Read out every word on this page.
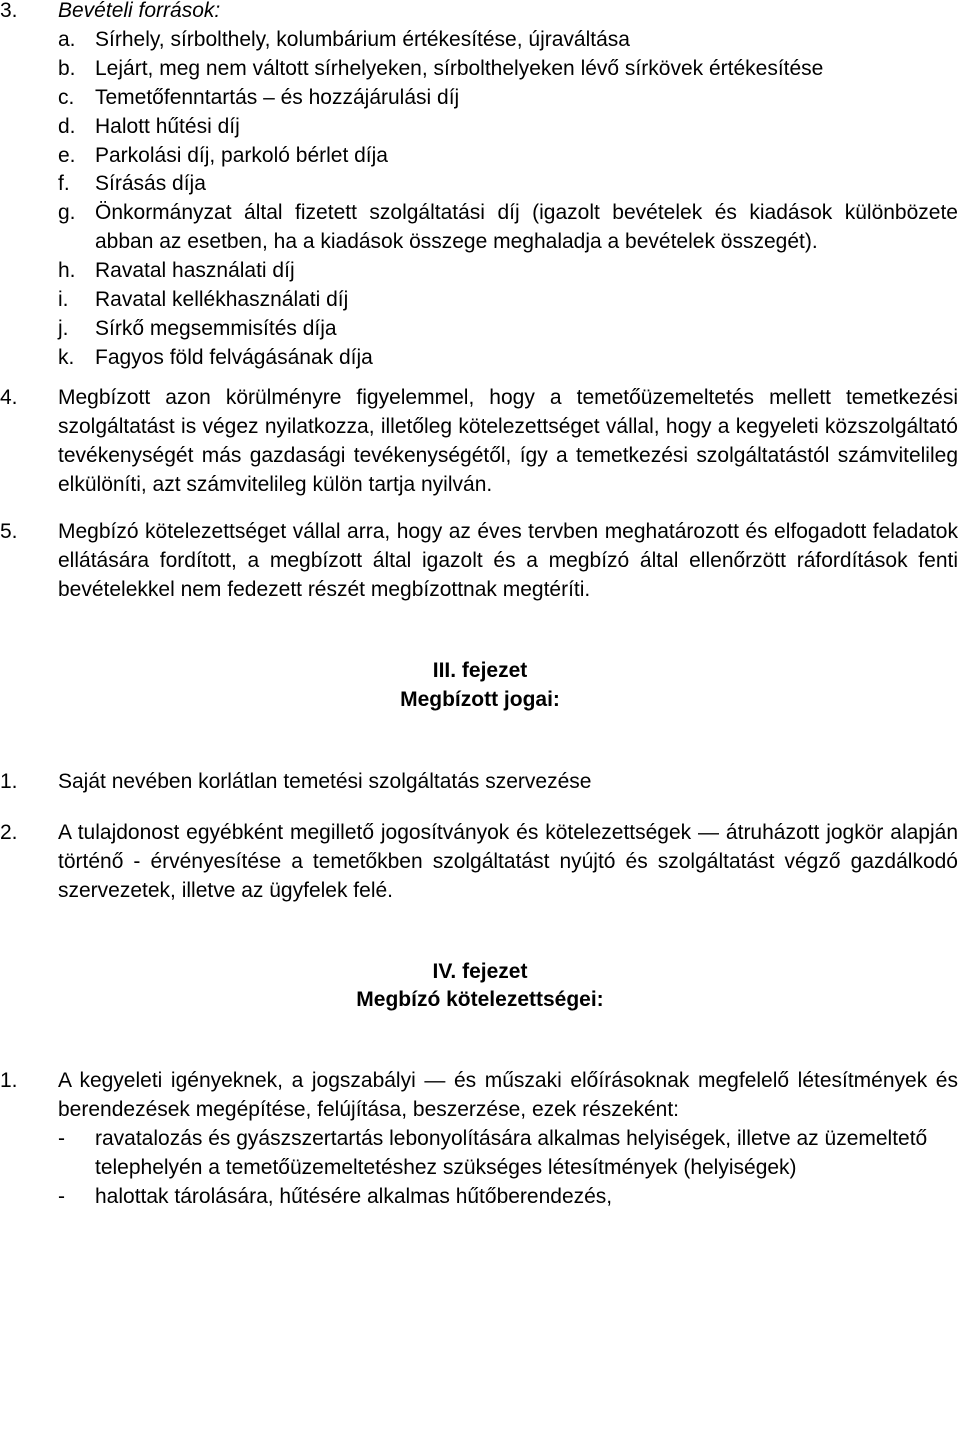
3.	Bevételi források:
a. Sírhely, sírbolthely, kolumbárium értékesítése, újraváltása
b. Lejárt, meg nem váltott sírhelyeken, sírbolthelyeken lévő sírkövek értékesítése
c. Temetőfenntartás – és hozzájárulási díj
d. Halott hűtési díj
e. Parkolási díj, parkoló bérlet díja
f.	Sírásás díja
g. Önkormányzat által fizetett szolgáltatási díj (igazolt bevételek és kiadások különbözete abban az esetben, ha a kiadások összege meghaladja a bevételek összegét).
h. Ravatal használati díj
i.	Ravatal kellékhasználati díj
j.	Sírkő megsemmisítés díja
k. Fagyos föld felvágásának díja
4.	Megbízott azon körülményre figyelemmel, hogy a temetőüzemeltetés mellett temetkezési szolgáltatást is végez nyilatkozza, illetőleg kötelezettséget vállal, hogy a kegyeleti közszolgáltató tevékenységét más gazdasági tevékenységétől, így a temetkezési szolgáltatástól számvitelileg elkülöníti, azt számvitelileg külön tartja nyilván.
5.	Megbízó kötelezettséget vállal arra, hogy az éves tervben meghatározott és elfogadott feladatok ellátására fordított, a megbízott által igazolt és a megbízó által ellenőrzött ráfordítások fenti bevételekkel nem fedezett részét megbízottnak megtéríti.
III. fejezet
Megbízott jogai:
1.	Saját nevében korlátlan temetési szolgáltatás szervezése
2.	A tulajdonost egyébként megillető jogosítványok és kötelezettségek — átruházott jogkör alapján történő - érvényesítése a temetőkben szolgáltatást nyújtó és szolgáltatást végző gazdálkodó szervezetek, illetve az ügyfelek felé.
IV. fejezet
Megbízó kötelezettségei:
1.	A kegyeleti igényeknek, a jogszabályi — és műszaki előírásoknak megfelelő létesítmények és berendezések megépítése, felújítása, beszerzése, ezek részeként:
-	ravatalozás és gyászszertartás lebonyolítására alkalmas helyiségek, illetve az üzemeltető telephelyén a temetőüzemeltetéshez szükséges létesítmények (helyiségek)
-	halottak tárolására, hűtésére alkalmas hűtőberendezés,
